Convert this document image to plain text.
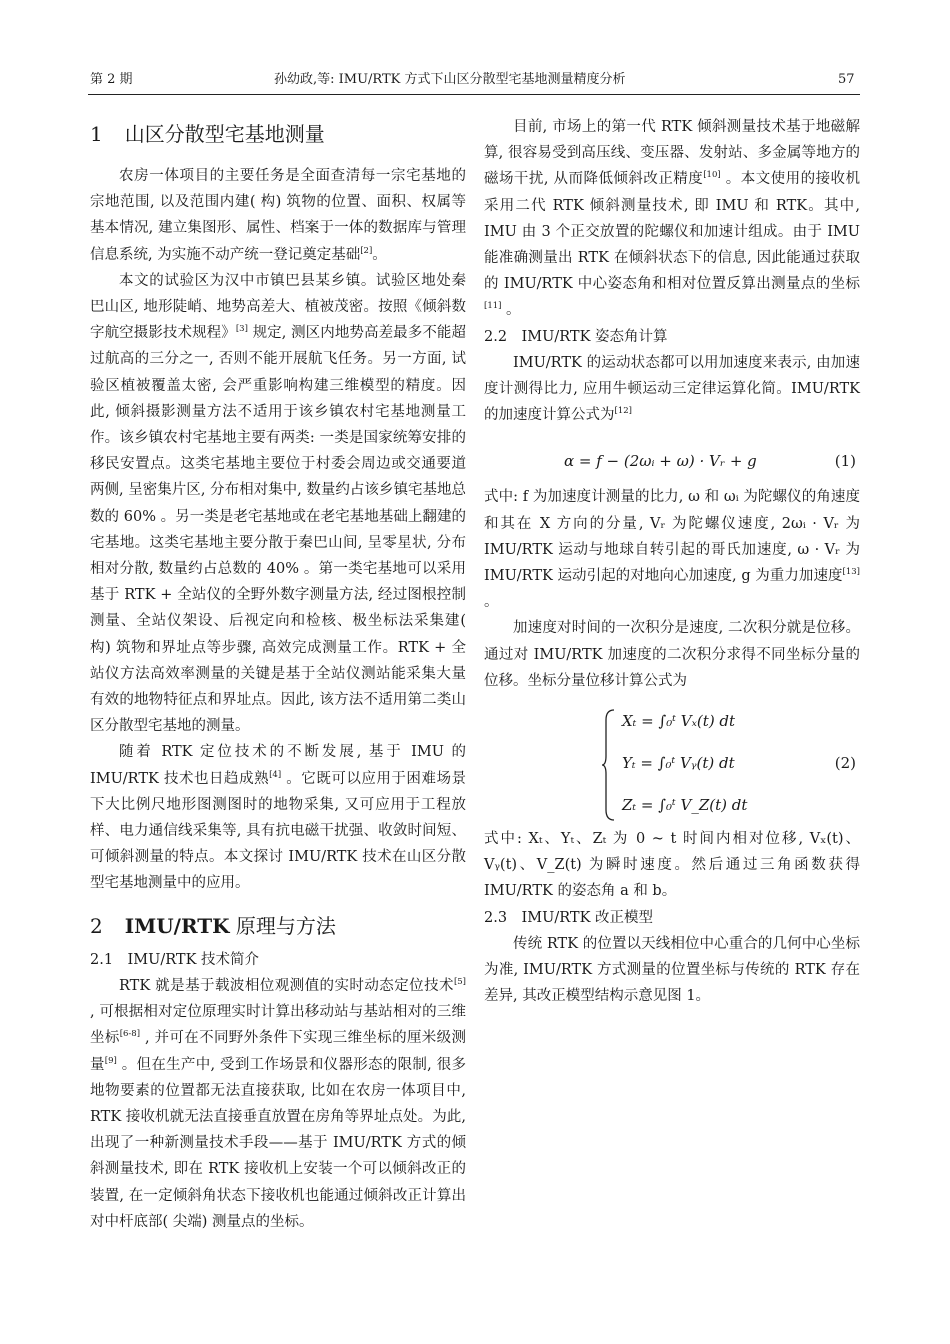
第 2 期	孙幼政,等: IMU/RTK 方式下山区分散型宅基地测量精度分析	57
1 山区分散型宅基地测量

农房一体项目的主要任务是全面查清每一宗宅基地的宗地范围, 以及范围内建( 构) 筑物的位置、面积、权属等基本情况, 建立集图形、属性、档案于一体的数据库与管理信息系统, 为实施不动产统一登记奠定基础[2]。

本文的试验区为汉中市镇巴县某乡镇。试验区地处秦巴山区, 地形陡峭、地势高差大、植被茂密。按照《倾斜数字航空摄影技术规程》[3] 规定, 测区内地势高差最多不能超过航高的三分之一, 否则不能开展航飞任务。另一方面, 试验区植被覆盖太密, 会严重影响构建三维模型的精度。因此, 倾斜摄影测量方法不适用于该乡镇农村宅基地测量工作。该乡镇农村宅基地主要有两类: 一类是国家统筹安排的移民安置点。这类宅基地主要位于村委会周边或交通要道两侧, 呈密集片区, 分布相对集中, 数量约占该乡镇宅基地总数的 60% 。另一类是老宅基地或在老宅基地基础上翻建的宅基地。这类宅基地主要分散于秦巴山间, 呈零星状, 分布相对分散, 数量约占总数的 40% 。第一类宅基地可以采用基于 RTK + 全站仪的全野外数字测量方法, 经过图根控制测量、全站仪架设、后视定向和检核、极坐标法采集建( 构) 筑物和界址点等步骤, 高效完成测量工作。RTK + 全站仪方法高效率测量的关键是基于全站仪测站能采集大量有效的地物特征点和界址点。因此, 该方法不适用第二类山区分散型宅基地的测量。

随着 RTK 定位技术的不断发展, 基于 IMU 的 IMU/RTK 技术也日趋成熟[4] 。它既可以应用于困难场景下大比例尺地形图测图时的地物采集, 又可应用于工程放样、电力通信线采集等, 具有抗电磁干扰强、收敛时间短、可倾斜测量的特点。本文探讨 IMU/RTK 技术在山区分散型宅基地测量中的应用。

2 IMU/RTK 原理与方法
2.1　IMU/RTK 技术简介

RTK 就是基于载波相位观测值的实时动态定位技术[5] , 可根据相对定位原理实时计算出移动站与基站相对的三维坐标[6-8] , 并可在不同野外条件下实现三维坐标的厘米级测量[9] 。但在生产中, 受到工作场景和仪器形态的限制, 很多地物要素的位置都无法直接获取, 比如在农房一体项目中, RTK 接收机就无法直接垂直放置在房角等界址点处。为此, 出现了一种新测量技术手段——基于 IMU/RTK 方式的倾斜测量技术, 即在 RTK 接收机上安装一个可以倾斜改正的装置, 在一定倾斜角状态下接收机也能通过倾斜改正计算出对中杆底部( 尖端) 测量点的坐标。

目前, 市场上的第一代 RTK 倾斜测量技术基于地磁解算, 很容易受到高压线、变压器、发射站、多金属等地方的磁场干扰, 从而降低倾斜改正精度[10] 。本文使用的接收机采用二代 RTK 倾斜测量技术, 即 IMU 和 RTK。其中, IMU 由 3 个正交放置的陀螺仪和加速计组成。由于 IMU 能准确测量出 RTK 在倾斜状态下的信息, 因此能通过获取的 IMU/RTK 中心姿态角和相对位置反算出测量点的坐标[11] 。

2.2　IMU/RTK 姿态角计算

IMU/RTK 的运动状态都可以用加速度来表示, 由加速度计测得比力, 应用牛顿运动三定律运算化简。IMU/RTK 的加速度计算公式为[12]

α = f − (2ωᵢ + ω) · Vᵣ + g	(1)

式中: f 为加速度计测量的比力, ω 和 ωᵢ 为陀螺仪的角速度和其在 X 方向的分量, Vᵣ 为陀螺仪速度, 2ωᵢ · Vᵣ 为 IMU/RTK 运动与地球自转引起的哥氏加速度, ω · Vᵣ 为 IMU/RTK 运动引起的对地向心加速度, g 为重力加速度[13] 。

加速度对时间的一次积分是速度, 二次积分就是位移。通过对 IMU/RTK 加速度的二次积分求得不同坐标分量的位移。坐标分量位移计算公式为

Xₜ = ∫₀ᵗ Vₓ(t) dt
Yₜ = ∫₀ᵗ Vᵧ(t) dt
Zₜ = ∫₀ᵗ V_Z(t) dt
(2)

式中: Xₜ、Yₜ、Zₜ 为 0 ~ t 时间内相对位移, Vₓ(t)、Vᵧ(t)、V_Z(t) 为瞬时速度。然后通过三角函数获得 IMU/RTK 的姿态角 a 和 b。

2.3　IMU/RTK 改正模型

传统 RTK 的位置以天线相位中心重合的几何中心坐标为准, IMU/RTK 方式测量的位置坐标与传统的 RTK 存在差异, 其改正模型结构示意见图 1。
